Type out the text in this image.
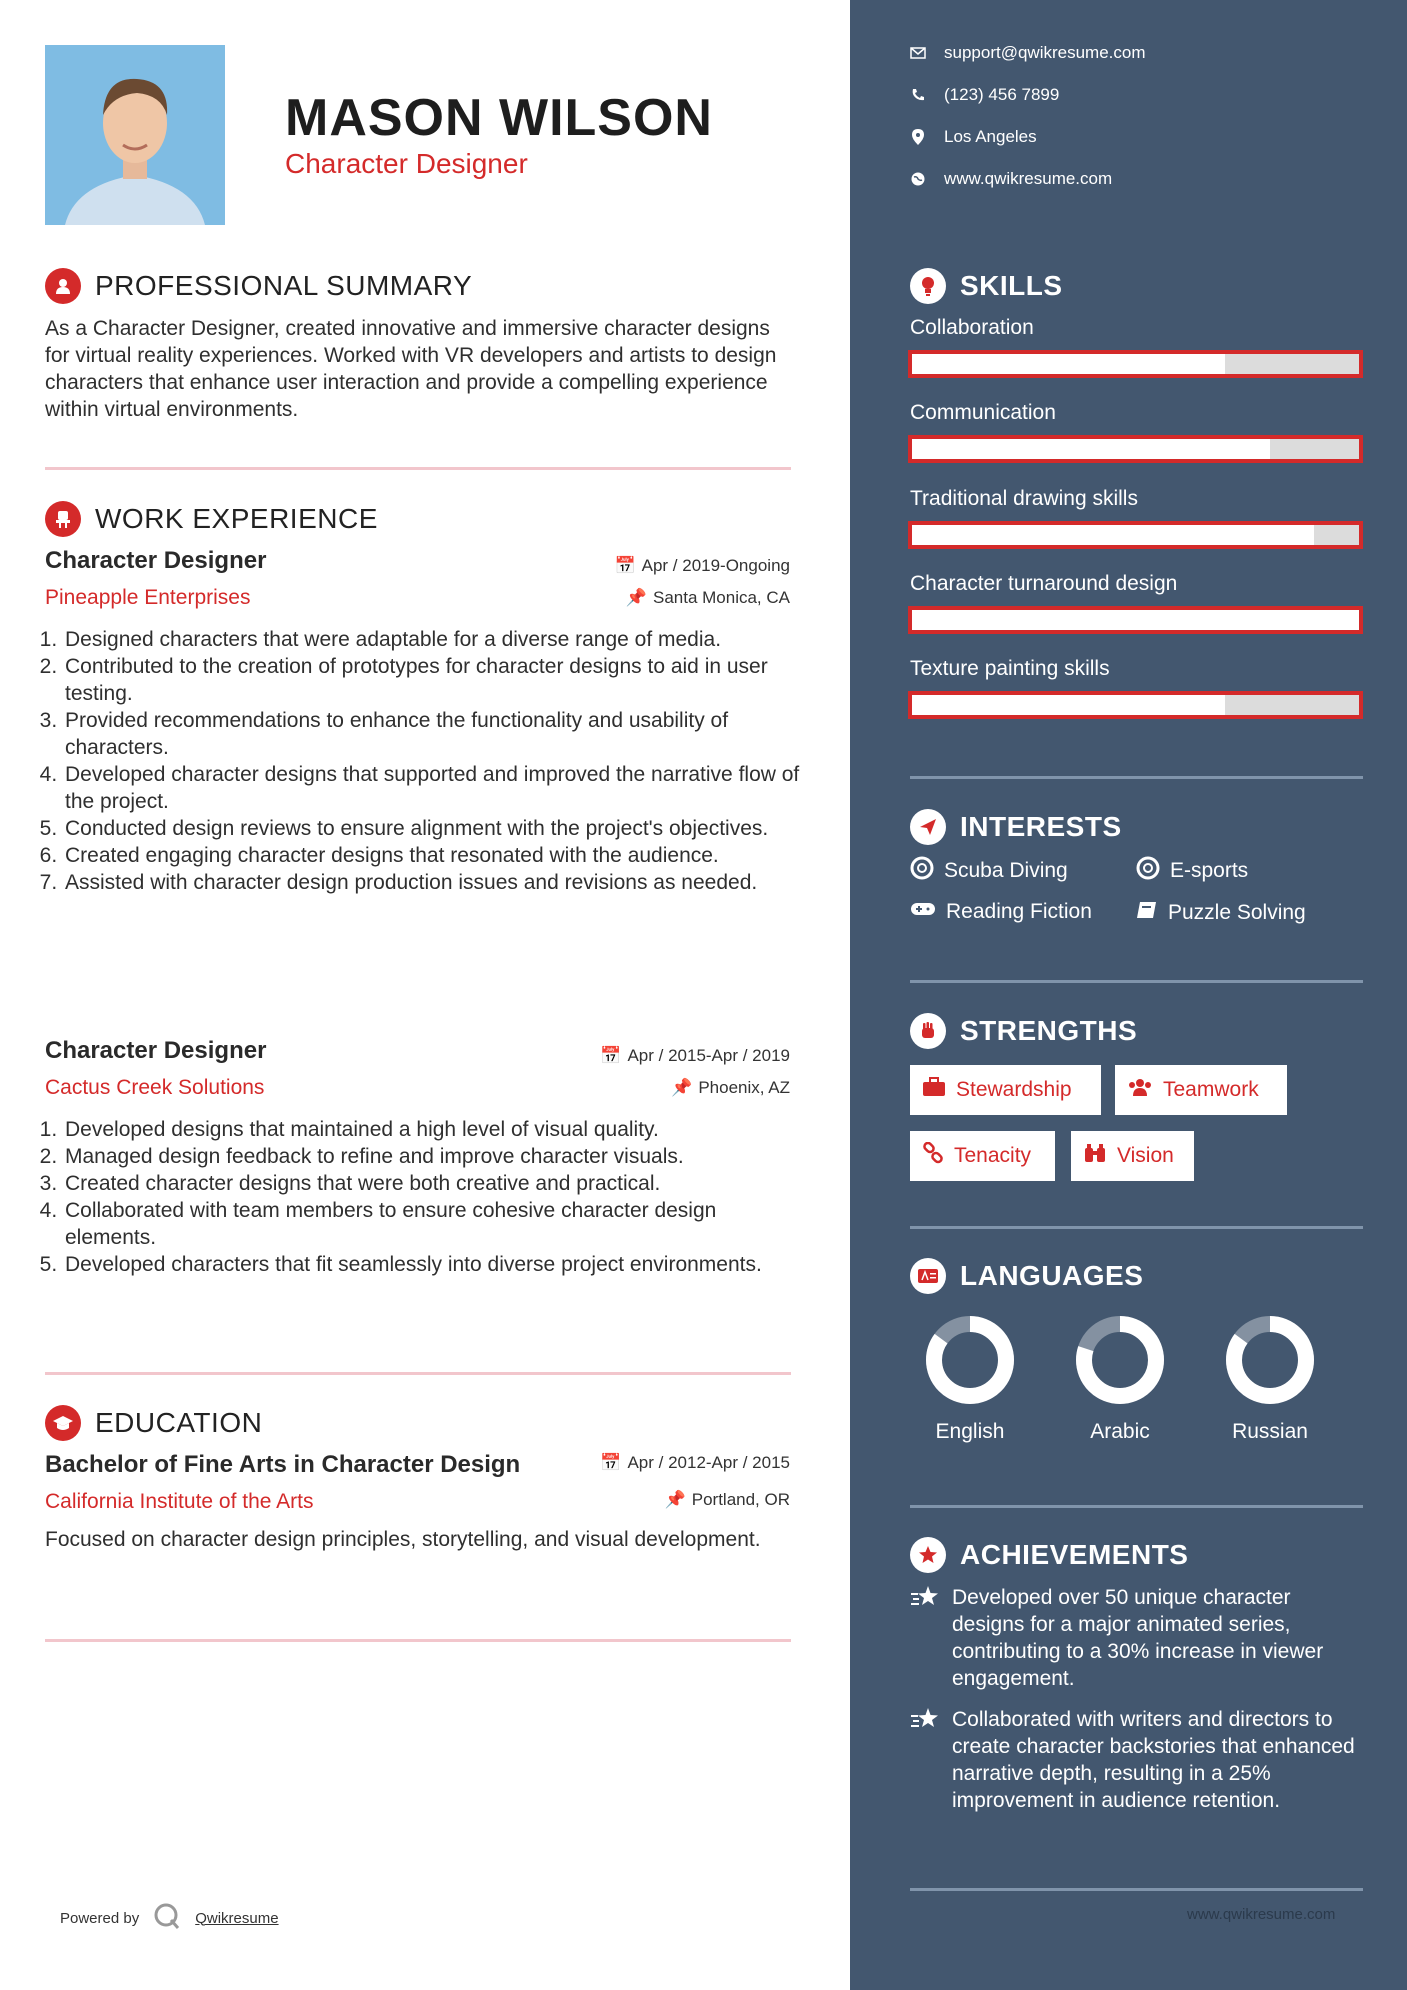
MASON WILSON

Character Designer

PROFESSIONAL SUMMARY

As a Character Designer, created innovative and immersive character designs for virtual reality experiences. Worked with VR developers and artists to design characters that enhance user interaction and provide a compelling experience within virtual environments.

WORK EXPERIENCE
Character Designer

Pineapple Enterprises

📅 Apr / 2019-Ongoing
📌 Santa Monica, CA
1. Designed characters that were adaptable for a diverse range of media.
2. Contributed to the creation of prototypes for character designs to aid in user testing.
3. Provided recommendations to enhance the functionality and usability of characters.
4. Developed character designs that supported and improved the narrative flow of the project.
5. Conducted design reviews to ensure alignment with the project's objectives.
6. Created engaging character designs that resonated with the audience.
7. Assisted with character design production issues and revisions as needed.
Character Designer

Cactus Creek Solutions

📅 Apr / 2015-Apr / 2019
📌 Phoenix, AZ
1. Developed designs that maintained a high level of visual quality.
2. Managed design feedback to refine and improve character visuals.
3. Created character designs that were both creative and practical.
4. Collaborated with team members to ensure cohesive character design elements.
5. Developed characters that fit seamlessly into diverse project environments.
EDUCATION
Bachelor of Fine Arts in Character Design

California Institute of the Arts

📅 Apr / 2012-Apr / 2015
📌 Portland, OR

Focused on character design principles, storytelling, and visual development.

Powered by	Qwikresume
support@qwikresume.com
(123) 456 7899
Los Angeles
www.qwikresume.com
SKILLS

Collaboration

Communication

Traditional drawing skills

Character turnaround design

Texture painting skills

INTERESTS
Scuba Diving	E-sports
Reading Fiction	Puzzle Solving
STRENGTHS
Stewardship	Teamwork
Tenacity	Vision
LANGUAGES
English	Arabic	Russian
ACHIEVEMENTS
Developed over 50 unique character designs for a major animated series, contributing to a 30% increase in viewer engagement.
Collaborated with writers and directors to create character backstories that enhanced narrative depth, resulting in a 25% improvement in audience retention.
www.qwikresume.com
